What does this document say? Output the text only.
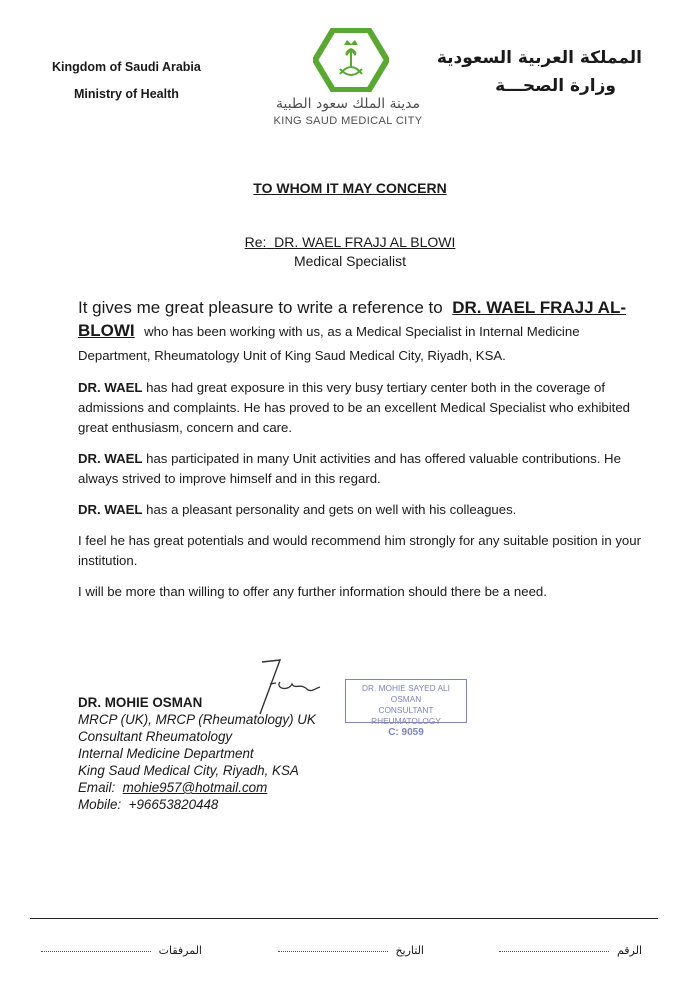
Kingdom of Saudi Arabia
Ministry of Health
مدينة الملك سعود الطبية
KING SAUD MEDICAL CITY
المملكة العربية السعودية
وزارة الصحـــة
TO WHOM IT MAY CONCERN
Re: DR. WAEL FRAJJ AL BLOWI
Medical Specialist

It gives me great pleasure to write a reference to DR. WAEL FRAJJ AL-BLOWI who has been working with us, as a Medical Specialist in Internal Medicine Department, Rheumatology Unit of King Saud Medical City, Riyadh, KSA.

DR. WAEL has had great exposure in this very busy tertiary center both in the coverage of admissions and complaints. He has proved to be an excellent Medical Specialist who exhibited great enthusiasm, concern and care.

DR. WAEL has participated in many Unit activities and has offered valuable contributions. He always strived to improve himself and in this regard.

DR. WAEL has a pleasant personality and gets on well with his colleagues.

I feel he has great potentials and would recommend him strongly for any suitable position in your institution.

I will be more than willing to offer any further information should there be a need.

DR. MOHIE SAYED ALI OSMAN
CONSULTANT RHEUMATOLOGY
C: 9059
DR. MOHIE OSMAN
MRCP (UK), MRCP (Rheumatology) UK
Consultant Rheumatology
Internal Medicine Department
King Saud Medical City, Riyadh, KSA
Email: mohie957@hotmail.com
Mobile: +96653820448
الرقم
التاريخ
المرفقات
